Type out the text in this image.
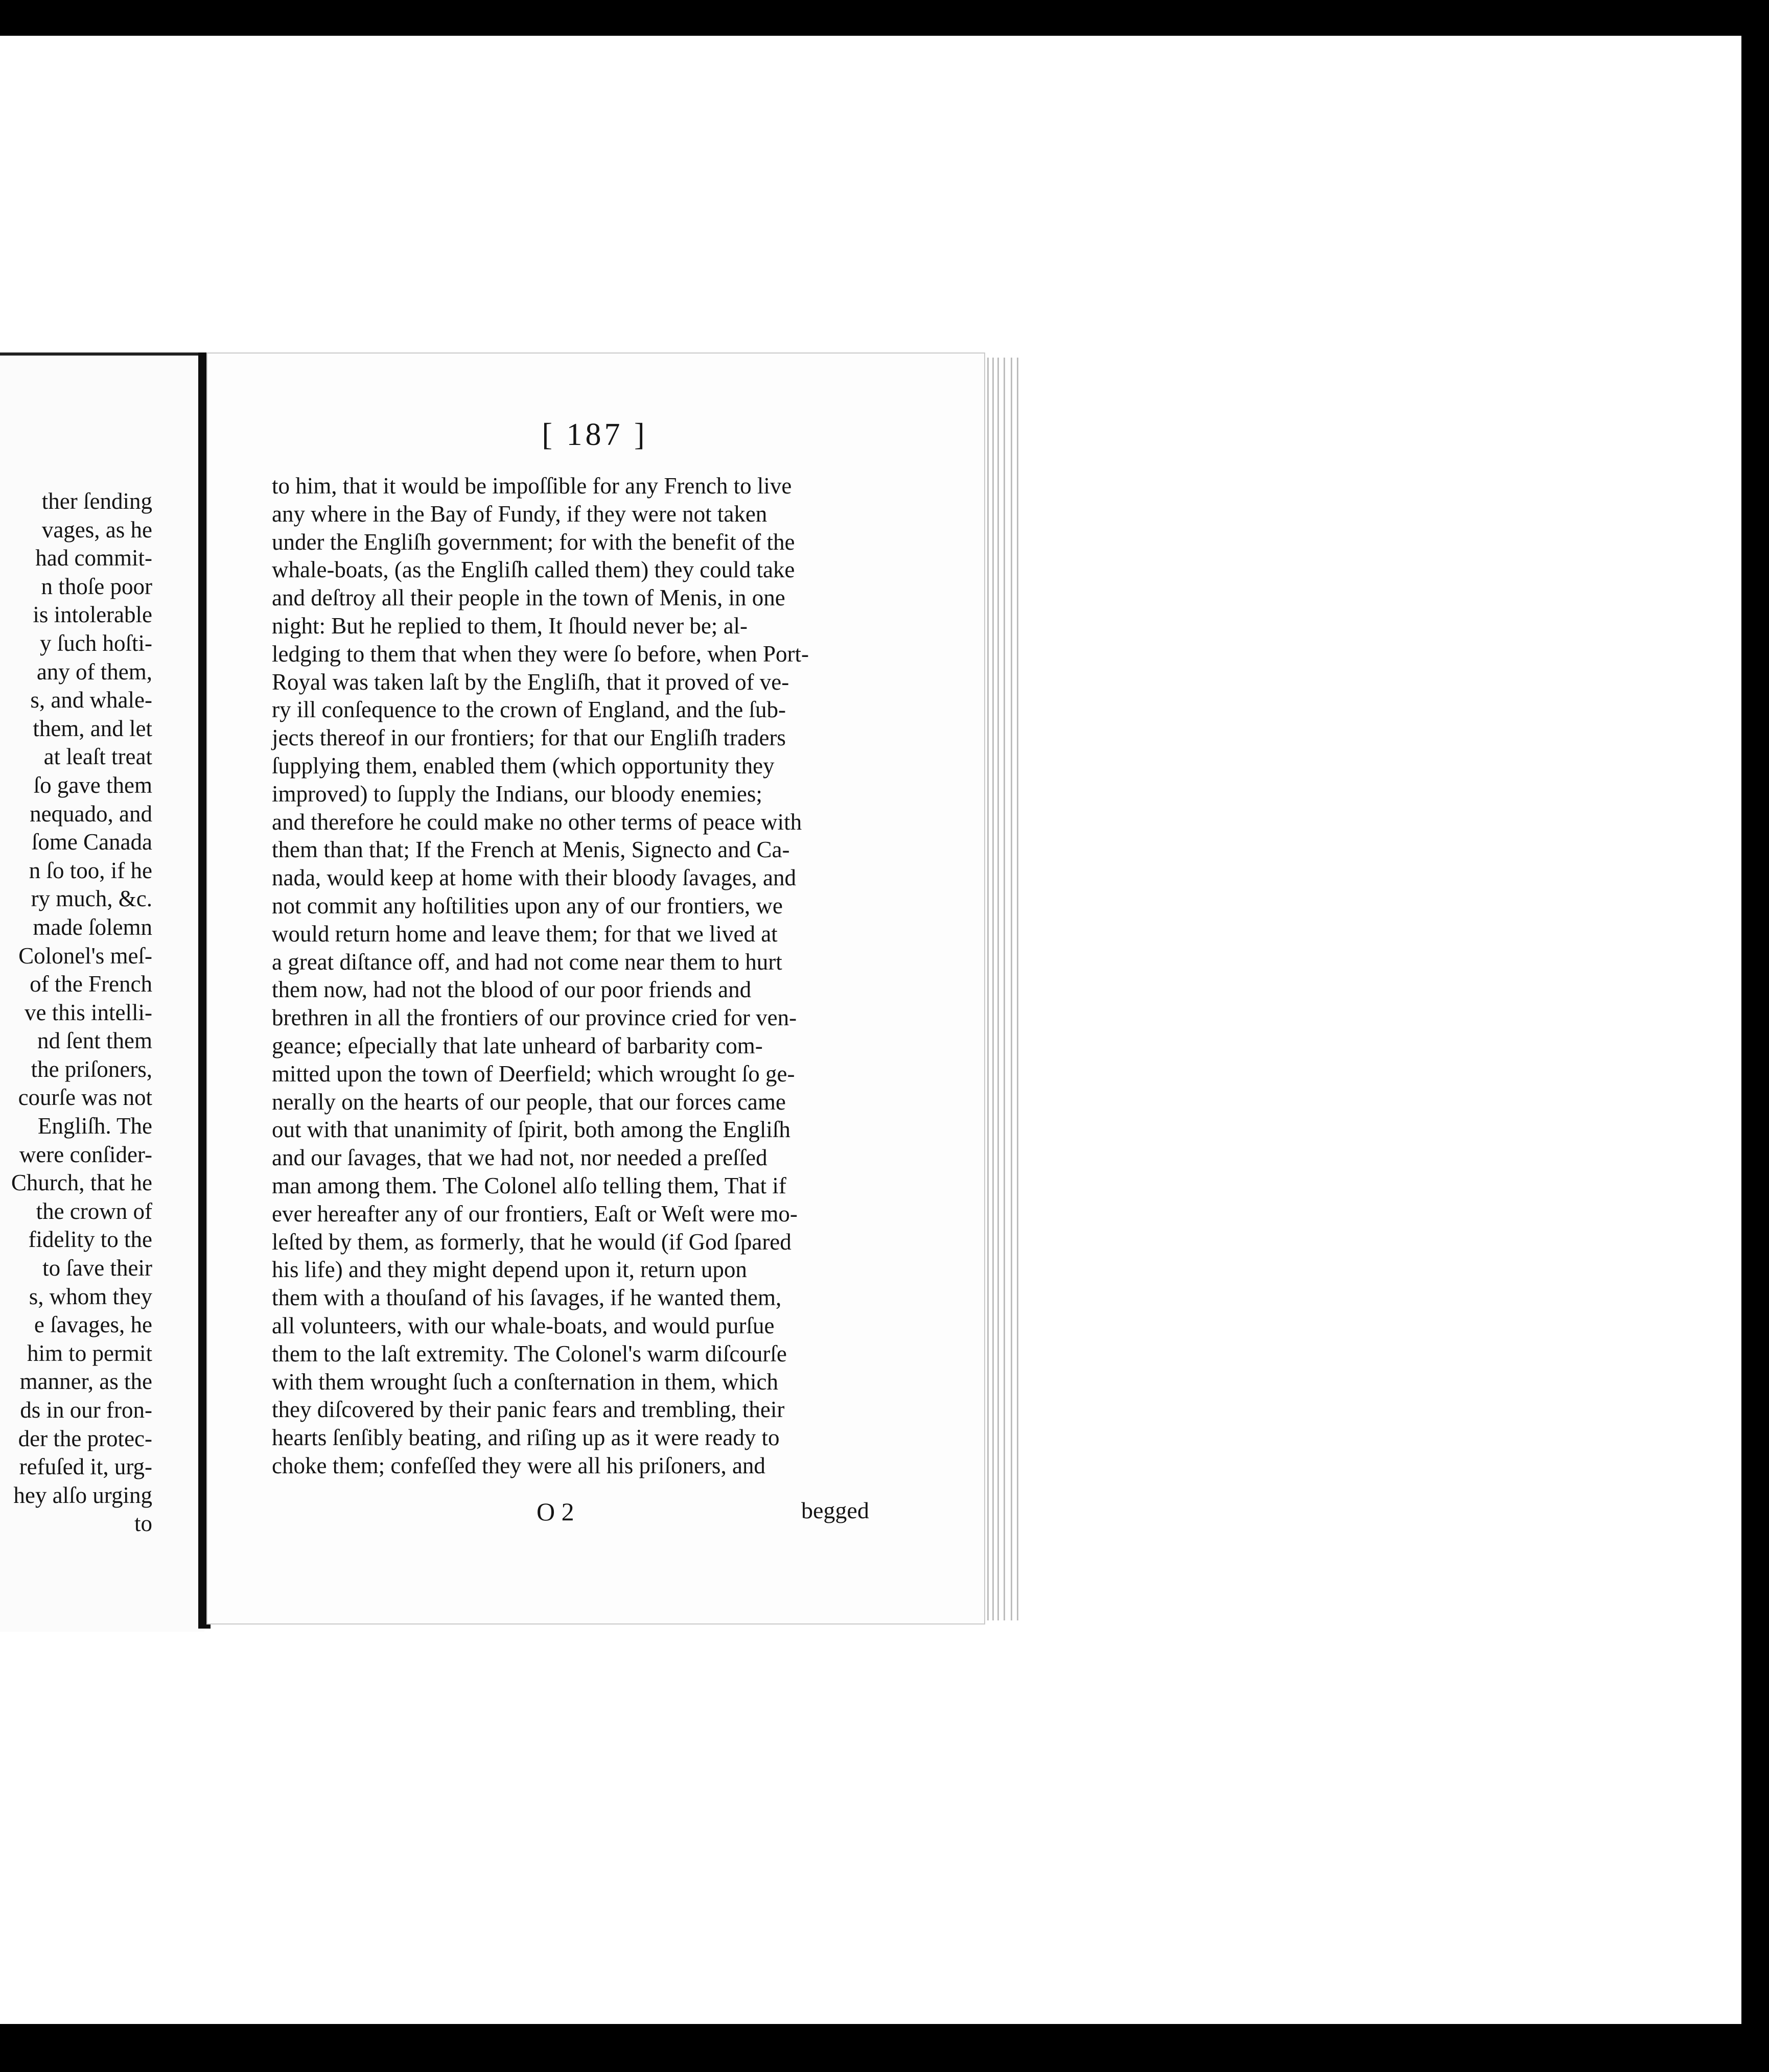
ther ſending
vages, as he
had commit-
n thoſe poor
is intolerable
y ſuch hoſti-
any of them,
s, and whale-
them, and let
at leaſt treat
ſo gave them
nequado, and
ſome Canada
n ſo too, if he
ry much, &c.
made ſolemn
Colonel's meſ-
of the French
ve this intelli-
nd ſent them
the priſoners,
courſe was not
Engliſh. The
were conſider-
Church, that he
the crown of
fidelity to the
to ſave their
s, whom they
e ſavages, he
him to permit
manner, as the
ds in our fron-
der the protec-
refuſed it, urg-
hey alſo urging
to
[ 187 ]
to him, that it would be impoſſible for any French to live
any where in the Bay of Fundy, if they were not taken
under the Engliſh government; for with the benefit of the
whale-boats, (as the Engliſh called them) they could take
and deſtroy all their people in the town of Menis, in one
night: But he replied to them, It ſhould never be; al-
ledging to them that when they were ſo before, when Port-
Royal was taken laſt by the Engliſh, that it proved of ve-
ry ill conſequence to the crown of England, and the ſub-
jects thereof in our frontiers; for that our Engliſh traders
ſupplying them, enabled them (which opportunity they
improved) to ſupply the Indians, our bloody enemies;
and therefore he could make no other terms of peace with
them than that; If the French at Menis, Signecto and Ca-
nada, would keep at home with their bloody ſavages, and
not commit any hoſtilities upon any of our frontiers, we
would return home and leave them; for that we lived at
a great diſtance off, and had not come near them to hurt
them now, had not the blood of our poor friends and
brethren in all the frontiers of our province cried for ven-
geance; eſpecially that late unheard of barbarity com-
mitted upon the town of Deerfield; which wrought ſo ge-
nerally on the hearts of our people, that our forces came
out with that unanimity of ſpirit, both among the Engliſh
and our ſavages, that we had not, nor needed a preſſed
man among them. The Colonel alſo telling them, That if
ever hereafter any of our frontiers, Eaſt or Weſt were mo-
leſted by them, as formerly, that he would (if God ſpared
his life) and they might depend upon it, return upon
them with a thouſand of his ſavages, if he wanted them,
all volunteers, with our whale-boats, and would purſue
them to the laſt extremity. The Colonel's warm diſcourſe
with them wrought ſuch a conſternation in them, which
they diſcovered by their panic fears and trembling, their
hearts ſenſibly beating, and riſing up as it were ready to
choke them; confeſſed they were all his priſoners, and
O 2	begged
